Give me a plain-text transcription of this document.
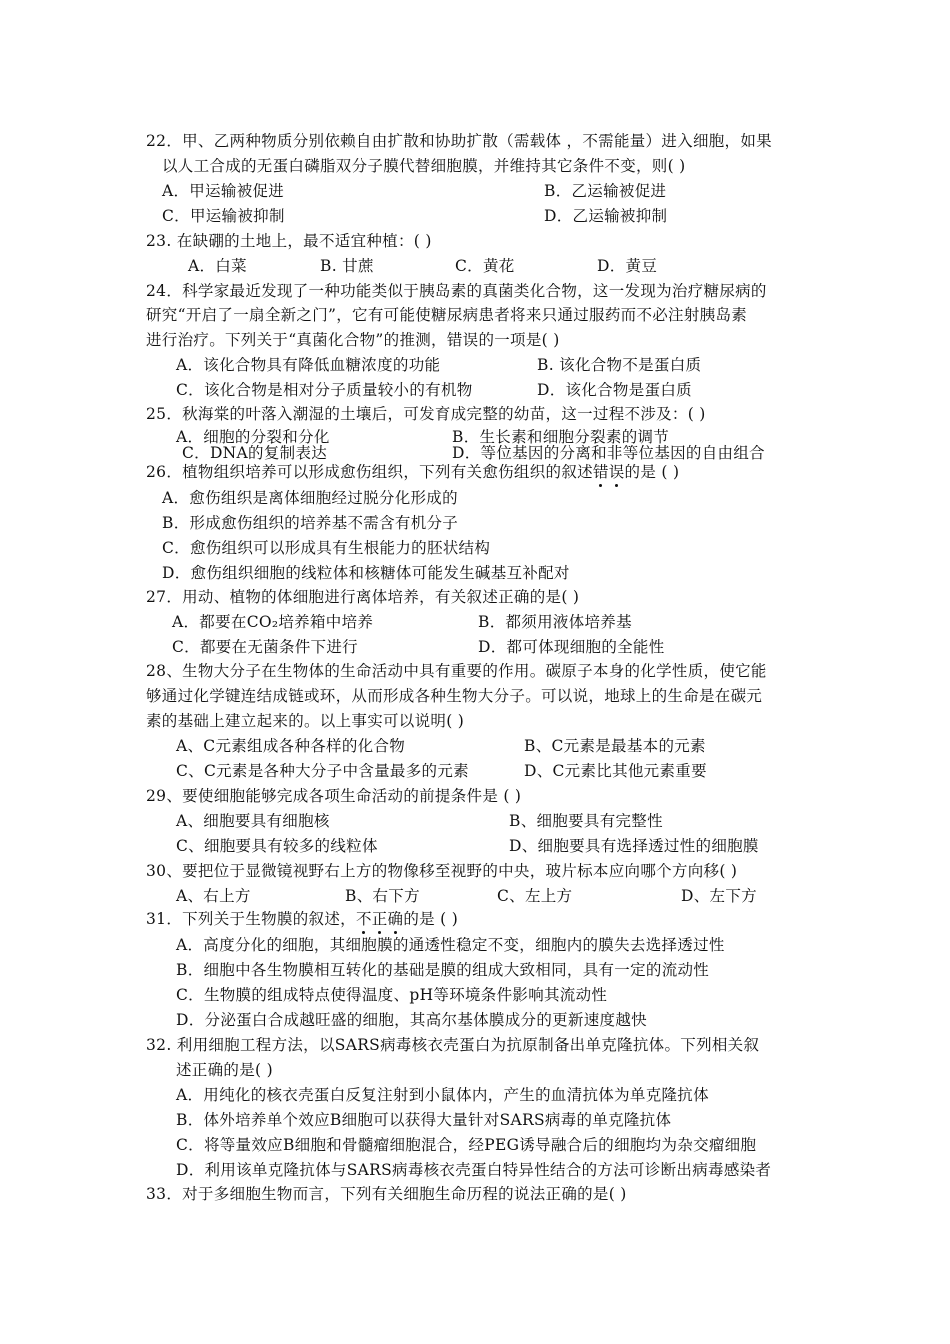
22．甲、乙两种物质分别依赖自由扩散和协助扩散（需载体 ，不需能量）进入细胞，如果
以人工合成的无蛋白磷脂双分子膜代替细胞膜，并维持其它条件不变，则( )
A．甲运输被促进	B．乙运输被促进
C．甲运输被抑制	D．乙运输被抑制
23. 在缺硼的土地上，最不适宜种植：( )
A．白菜	B. 甘蔗	C．黄花	D．黄豆
24．科学家最近发现了一种功能类似于胰岛素的真菌类化合物，这一发现为治疗糖尿病的
研究“开启了一扇全新之门”，它有可能使糖尿病患者将来只通过服药而不必注射胰岛素
进行治疗。下列关于“真菌化合物”的推测，错误的一项是( )
A．该化合物具有降低血糖浓度的功能	B. 该化合物不是蛋白质
C．该化合物是相对分子质量较小的有机物	D．该化合物是蛋白质
25．秋海棠的叶落入潮湿的土壤后，可发育成完整的幼苗，这一过程不涉及：( )
A．细胞的分裂和分化	B．生长素和细胞分裂素的调节
C．DNA的复制表达	D．等位基因的分离和非等位基因的自由组合
26．植物组织培养可以形成愈伤组织，下列有关愈伤组织的叙述错误
的是 ( )
A．愈伤组织是离体细胞经过脱分化形成的
B．形成愈伤组织的培养基不需含有机分子
C．愈伤组织可以形成具有生根能力的胚状结构
D．愈伤组织细胞的线粒体和核糖体可能发生碱基互补配对
27．用动、植物的体细胞进行离体培养，有关叙述正确的是( )
A．都要在CO₂培养箱中培养	B．都须用液体培养基
C．都要在无菌条件下进行	D．都可体现细胞的全能性
28、生物大分子在生物体的生命活动中具有重要的作用。碳原子本身的化学性质，使它能
够通过化学键连结成链或环，从而形成各种生物大分子。可以说，地球上的生命是在碳元
素的基础上建立起来的。以上事实可以说明( )
A、C元素组成各种各样的化合物	B、C元素是最基本的元素
C、C元素是各种大分子中含量最多的元素	D、C元素比其他元素重要
29、要使细胞能够完成各项生命活动的前提条件是 ( )
A、细胞要具有细胞核	B、细胞要具有完整性
C、细胞要具有较多的线粒体	D、细胞要具有选择透过性的细胞膜
30、要把位于显微镜视野右上方的物像移至视野的中央，玻片标本应向哪个方向移( )
A、右上方	B、右下方	C、左上方	D、左下方
31．下列关于生物膜的叙述，不正确
的是 ( )
A．高度分化的细胞，其细胞膜的通透性稳定不变，细胞内的膜失去选择透过性
B．细胞中各生物膜相互转化的基础是膜的组成大致相同，具有一定的流动性
C．生物膜的组成特点使得温度、pH等环境条件影响其流动性
D．分泌蛋白合成越旺盛的细胞，其高尔基体膜成分的更新速度越快
32. 利用细胞工程方法，以SARS病毒核衣壳蛋白为抗原制备出单克隆抗体。下列相关叙
述正确的是( )
A．用纯化的核衣壳蛋白反复注射到小鼠体内，产生的血清抗体为单克隆抗体
B．体外培养单个效应B细胞可以获得大量针对SARS病毒的单克隆抗体
C．将等量效应B细胞和骨髓瘤细胞混合，经PEG诱导融合后的细胞均为杂交瘤细胞
D．利用该单克隆抗体与SARS病毒核衣壳蛋白特异性结合的方法可诊断出病毒感染者
33．对于多细胞生物而言，下列有关细胞生命历程的说法正确的是( )
